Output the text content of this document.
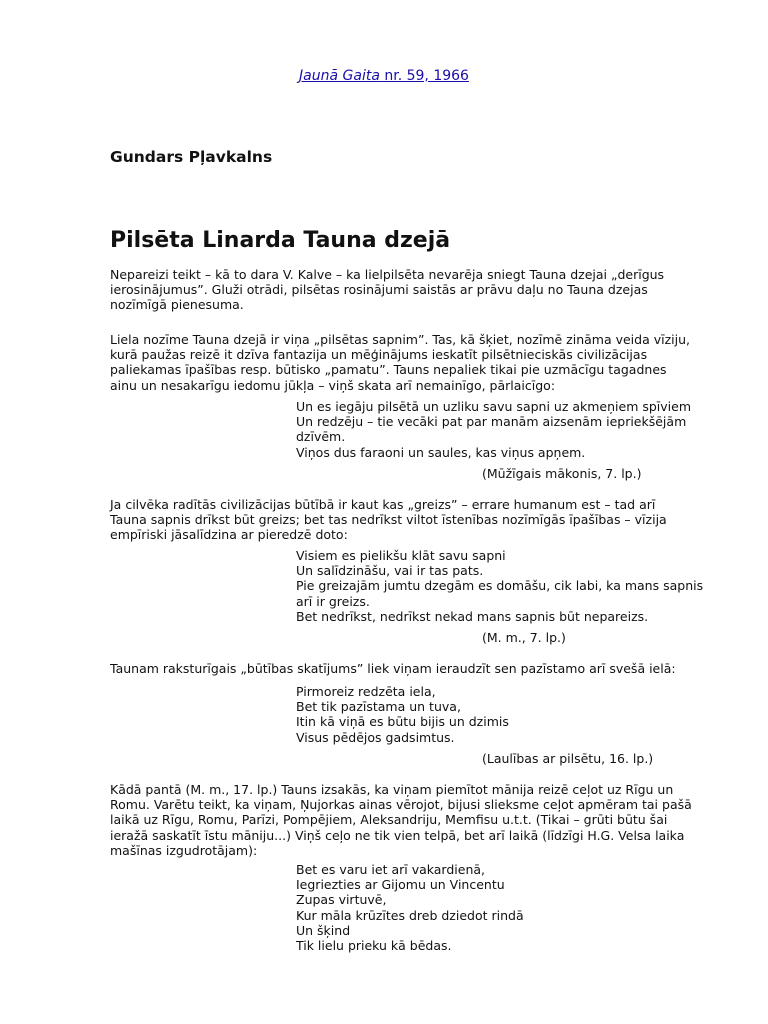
Jaunā Gaita nr. 59, 1966
Gundars Pļavkalns
Pilsēta Linarda Tauna dzejā
Nepareizi teikt – kā to dara V. Kalve – ka lielpilsēta nevarēja sniegt Tauna dzejai „derīgus ierosinājumus”. Gluži otrādi, pilsētas rosinājumi saistās ar prāvu daļu no Tauna dzejas nozīmīgā pienesuma.
Liela nozīme Tauna dzejā ir viņa „pilsētas sapnim”. Tas, kā šķiet, nozīmē zināma veida vīziju, kurā paužas reizē it dzīva fantazija un mēģinājums ieskatīt pilsētnieciskās civilizācijas paliekamas īpašības resp. būtisko „pamatu”. Tauns nepaliek tikai pie uzmācīgu tagadnes ainu un nesakarīgu iedomu jūkļa – viņš skata arī nemainīgo, pārlaicīgo:
Un es iegāju pilsētā un uzliku savu sapni uz akmeņiem spīviem
Un redzēju – tie vecāki pat par manām aizsenām iepriekšējām dzīvēm.
Viņos dus faraoni un saules, kas viņus apņem.
(Mūžīgais mākonis, 7. lp.)
Ja cilvēka radītās civilizācijas būtībā ir kaut kas „greizs” – errare humanum est – tad arī Tauna sapnis drīkst būt greizs; bet tas nedrīkst viltot īstenības nozīmīgās īpašības – vīzija empīriski jāsalīdzina ar pieredzē doto:
Visiem es pielikšu klāt savu sapni
Un salīdzināšu, vai ir tas pats.
Pie greizajām jumtu dzegām es domāšu, cik labi, ka mans sapnis arī ir greizs.
Bet nedrīkst, nedrīkst nekad mans sapnis būt nepareizs.
(M. m., 7. lp.)
Taunam raksturīgais „būtības skatījums” liek viņam ieraudzīt sen pazīstamo arī svešā ielā:
Pirmoreiz redzēta iela,
Bet tik pazīstama un tuva,
Itin kā viņā es būtu bijis un dzimis
Visus pēdējos gadsimtus.
(Laulības ar pilsētu, 16. lp.)
Kādā pantā (M. m., 17. lp.) Tauns izsakās, ka viņam piemītot mānija reizē ceļot uz Rīgu un Romu. Varētu teikt, ka viņam, Ņujorkas ainas vērojot, bijusi slieksme ceļot apmēram tai pašā laikā uz Rīgu, Romu, Parīzi, Pompējiem, Aleksandriju, Memfisu u.t.t. (Tikai – grūti būtu šai ieražā saskatīt īstu māniju...) Viņš ceļo ne tik vien telpā, bet arī laikā (līdzīgi H.G. Velsa laika mašīnas izgudrotājam):
Bet es varu iet arī vakardienā,
Iegriezties ar Gijomu un Vincentu
Zupas virtuvē,
Kur māla krūzītes dreb dziedot rindā
Un šķind
Tik lielu prieku kā bēdas.
